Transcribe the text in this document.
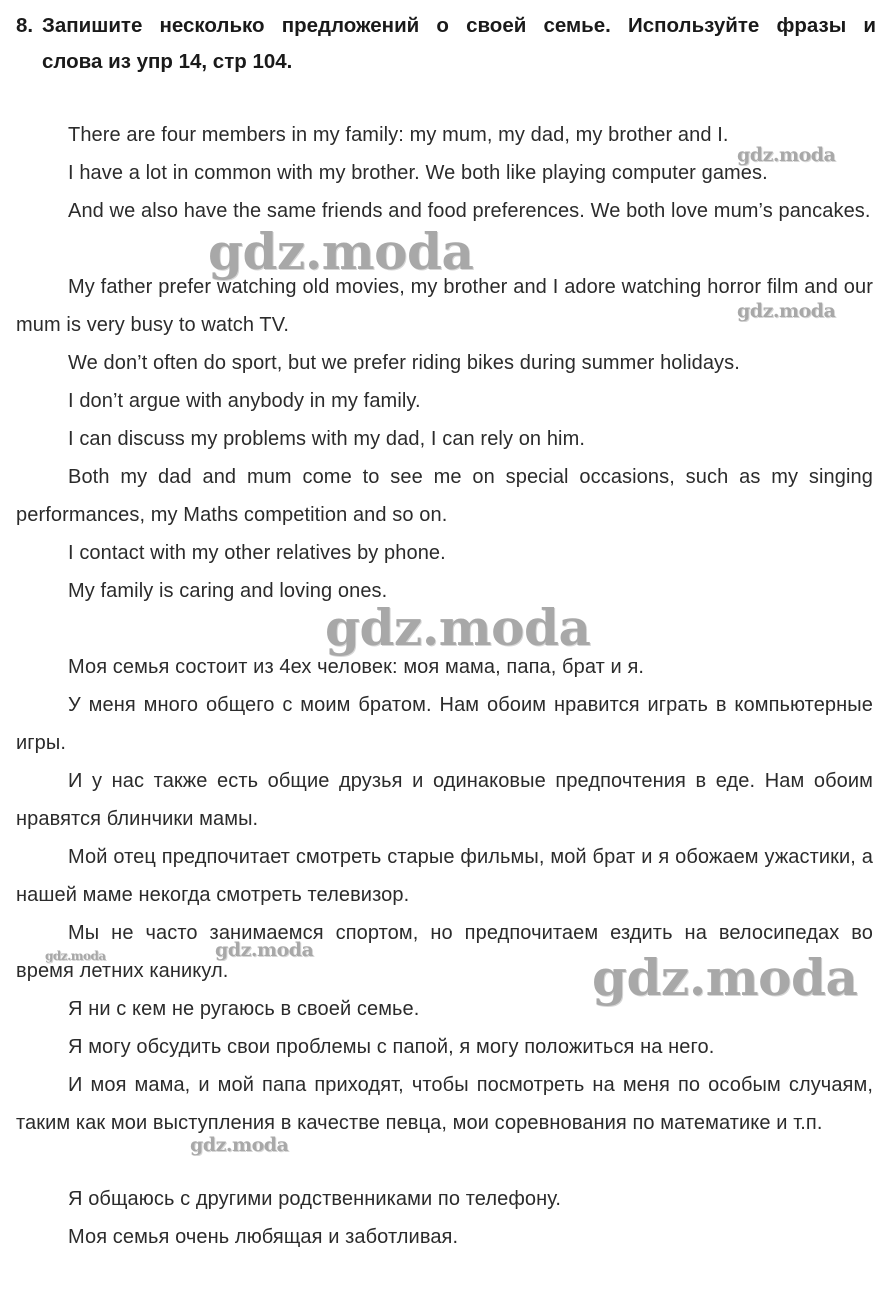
8. Запишите несколько предложений о своей семье. Используйте фразы и
слова из упр 14, стр 104.

There are four members in my family: my mum, my dad, my brother and I.

I have a lot in common with my brother. We both like playing computer games.

And we also have the same friends and food preferences. We both love mum’s pancakes.

My father prefer watching old movies, my brother and I adore watching horror film and our mum is very busy to watch TV.

We don’t often do sport, but we prefer riding bikes during summer holidays.

I don’t argue with anybody in my family.

I can discuss my problems with my dad, I can rely on him.

Both my dad and mum come to see me on special occasions, such as my singing performances, my Maths competition and so on.

I contact with my other relatives by phone.

My family is caring and loving ones.

Моя семья состоит из 4ех человек: моя мама, папа, брат и я.

У меня много общего с моим братом. Нам обоим нравится играть в компьютерные игры.

И у нас также есть общие друзья и одинаковые предпочтения в еде. Нам обоим нравятся блинчики мамы.

Мой отец предпочитает смотреть старые фильмы, мой брат и я обожаем ужастики, а нашей маме некогда смотреть телевизор.

Мы не часто занимаемся спортом, но предпочитаем ездить на велосипедах во время летних каникул.

Я ни с кем не ругаюсь в своей семье.

Я могу обсудить свои проблемы с папой, я могу положиться на него.

И моя мама, и мой папа приходят, чтобы посмотреть на меня по особым случаям, таким как мои выступления в качестве певца, мои соревнования по математике и т.п.

Я общаюсь с другими родственниками по телефону.

Моя семья очень любящая и заботливая.

gdz.moda
gdz.moda
gdz.moda
gdz.moda
gdz.moda	gdz.moda	gdz.moda
gdz.moda
